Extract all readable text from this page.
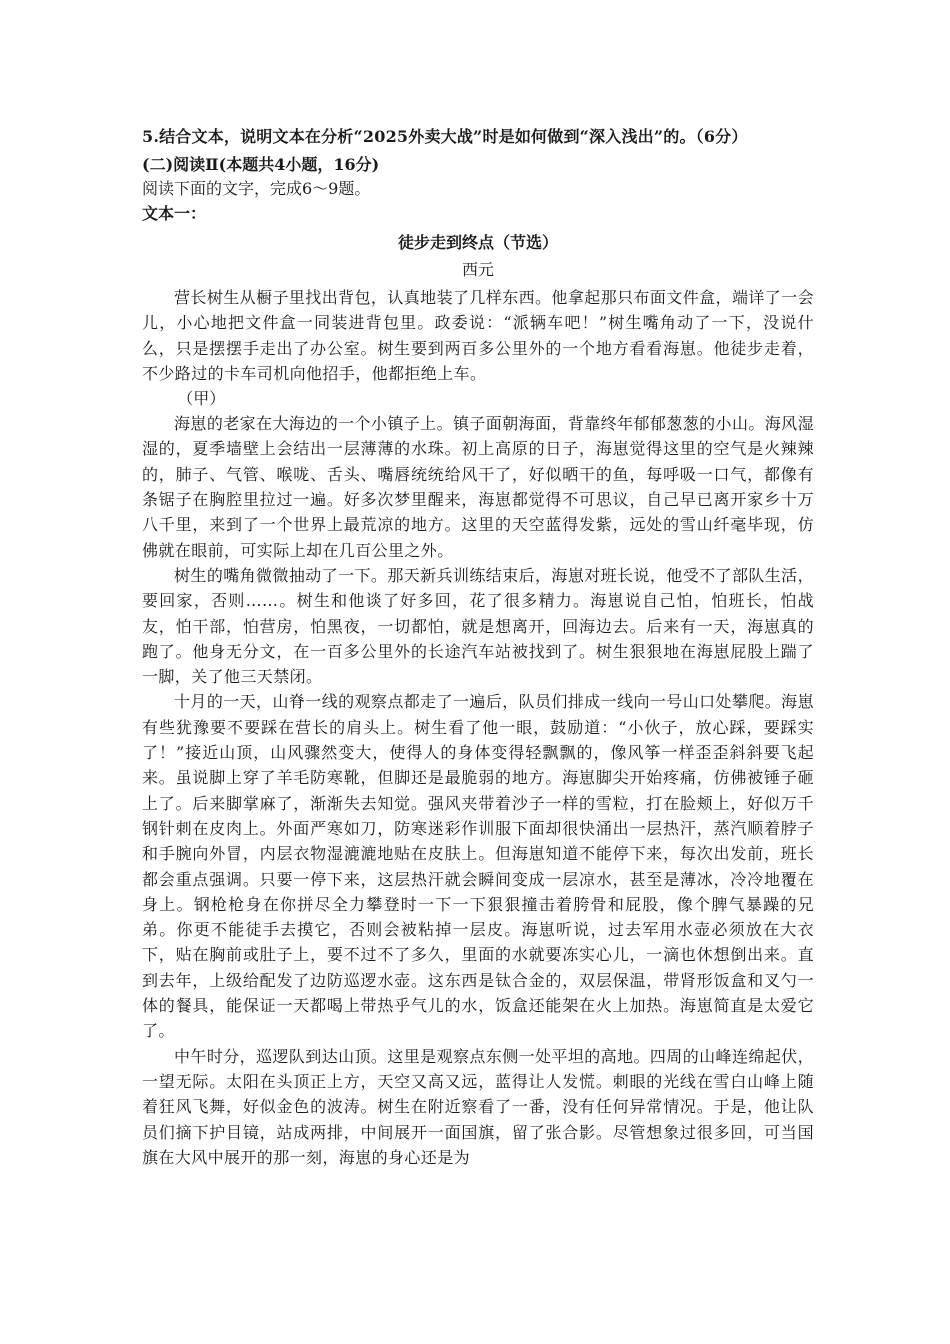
5.结合文本，说明文本在分析“2025外卖大战”时是如何做到“深入浅出”的。（6分）

(二)阅读Ⅱ(本题共4小题，16分)

阅读下面的文字，完成6～9题。

文本一：

徒步走到终点（节选）

西元

营长树生从橱子里找出背包，认真地装了几样东西。他拿起那只布面文件盒，端详了一会儿，小心地把文件盒一同装进背包里。政委说：“派辆车吧！”树生嘴角动了一下，没说什么，只是摆摆手走出了办公室。树生要到两百多公里外的一个地方看看海崽。他徒步走着，不少路过的卡车司机向他招手，他都拒绝上车。

（甲）

海崽的老家在大海边的一个小镇子上。镇子面朝海面，背靠终年郁郁葱葱的小山。海风湿湿的，夏季墙壁上会结出一层薄薄的水珠。初上高原的日子，海崽觉得这里的空气是火辣辣的，肺子、气管、喉咙、舌头、嘴唇统统给风干了，好似晒干的鱼，每呼吸一口气，都像有条锯子在胸腔里拉过一遍。好多次梦里醒来，海崽都觉得不可思议，自己早已离开家乡十万八千里，来到了一个世界上最荒凉的地方。这里的天空蓝得发紫，远处的雪山纤毫毕现，仿佛就在眼前，可实际上却在几百公里之外。

树生的嘴角微微抽动了一下。那天新兵训练结束后，海崽对班长说，他受不了部队生活，要回家，否则……。树生和他谈了好多回，花了很多精力。海崽说自己怕，怕班长，怕战友，怕干部，怕营房，怕黑夜，一切都怕，就是想离开，回海边去。后来有一天，海崽真的跑了。他身无分文，在一百多公里外的长途汽车站被找到了。树生狠狠地在海崽屁股上踹了一脚，关了他三天禁闭。

十月的一天，山脊一线的观察点都走了一遍后，队员们排成一线向一号山口处攀爬。海崽有些犹豫要不要踩在营长的肩头上。树生看了他一眼，鼓励道：“小伙子，放心踩，要踩实了！”接近山顶，山风骤然变大，使得人的身体变得轻飘飘的，像风筝一样歪歪斜斜要飞起来。虽说脚上穿了羊毛防寒靴，但脚还是最脆弱的地方。海崽脚尖开始疼痛，仿佛被锤子砸上了。后来脚掌麻了，渐渐失去知觉。强风夹带着沙子一样的雪粒，打在脸颊上，好似万千钢针刺在皮肉上。外面严寒如刀，防寒迷彩作训服下面却很快涌出一层热汗，蒸汽顺着脖子和手腕向外冒，内层衣物湿漉漉地贴在皮肤上。但海崽知道不能停下来，每次出发前，班长都会重点强调。只要一停下来，这层热汗就会瞬间变成一层凉水，甚至是薄冰，冷冷地覆在身上。钢枪枪身在你拼尽全力攀登时一下一下狠狠撞击着胯骨和屁股，像个脾气暴躁的兄弟。你更不能徒手去摸它，否则会被粘掉一层皮。海崽听说，过去军用水壶必须放在大衣下，贴在胸前或肚子上，要不过不了多久，里面的水就要冻实心儿，一滴也休想倒出来。直到去年，上级给配发了边防巡逻水壶。这东西是钛合金的，双层保温，带肾形饭盒和叉勺一体的餐具，能保证一天都喝上带热乎气儿的水，饭盒还能架在火上加热。海崽简直是太爱它了。

中午时分，巡逻队到达山顶。这里是观察点东侧一处平坦的高地。四周的山峰连绵起伏，一望无际。太阳在头顶正上方，天空又高又远，蓝得让人发慌。刺眼的光线在雪白山峰上随着狂风飞舞，好似金色的波涛。树生在附近察看了一番，没有任何异常情况。于是，他让队员们摘下护目镜，站成两排，中间展开一面国旗，留了张合影。尽管想象过很多回，可当国旗在大风中展开的那一刻，海崽的身心还是为
